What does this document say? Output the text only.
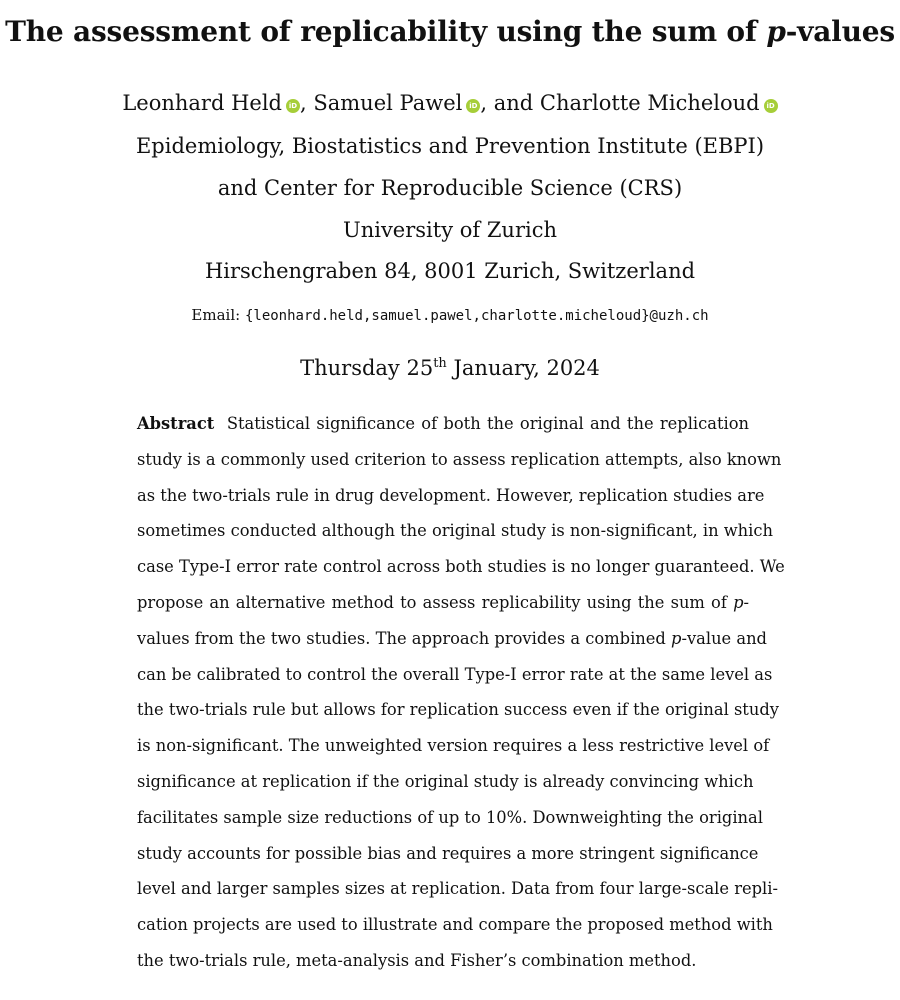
The assessment of replicability using the sum of p-values
Leonhard Held iD , Samuel Pawel iD , and Charlotte Micheloud iD
Epidemiology, Biostatistics and Prevention Institute (EBPI)
and Center for Reproducible Science (CRS)
University of Zurich
Hirschengraben 84, 8001 Zurich, Switzerland
Email: {leonhard.held,samuel.pawel,charlotte.micheloud}@uzh.ch
Thursday 25th January, 2024
Abstract Statistical significance of both the original and the replication
study is a commonly used criterion to assess replication attempts, also known
as the two-trials rule in drug development. However, replication studies are
sometimes conducted although the original study is non-significant, in which
case Type-I error rate control across both studies is no longer guaranteed. We
propose an alternative method to assess replicability using the sum of p-
values from the two studies. The approach provides a combined p-value and
can be calibrated to control the overall Type-I error rate at the same level as
the two-trials rule but allows for replication success even if the original study
is non-significant. The unweighted version requires a less restrictive level of
significance at replication if the original study is already convincing which
facilitates sample size reductions of up to 10%. Downweighting the original
study accounts for possible bias and requires a more stringent significance
level and larger samples sizes at replication. Data from four large-scale repli-
cation projects are used to illustrate and compare the proposed method with
the two-trials rule, meta-analysis and Fisher’s combination method.
